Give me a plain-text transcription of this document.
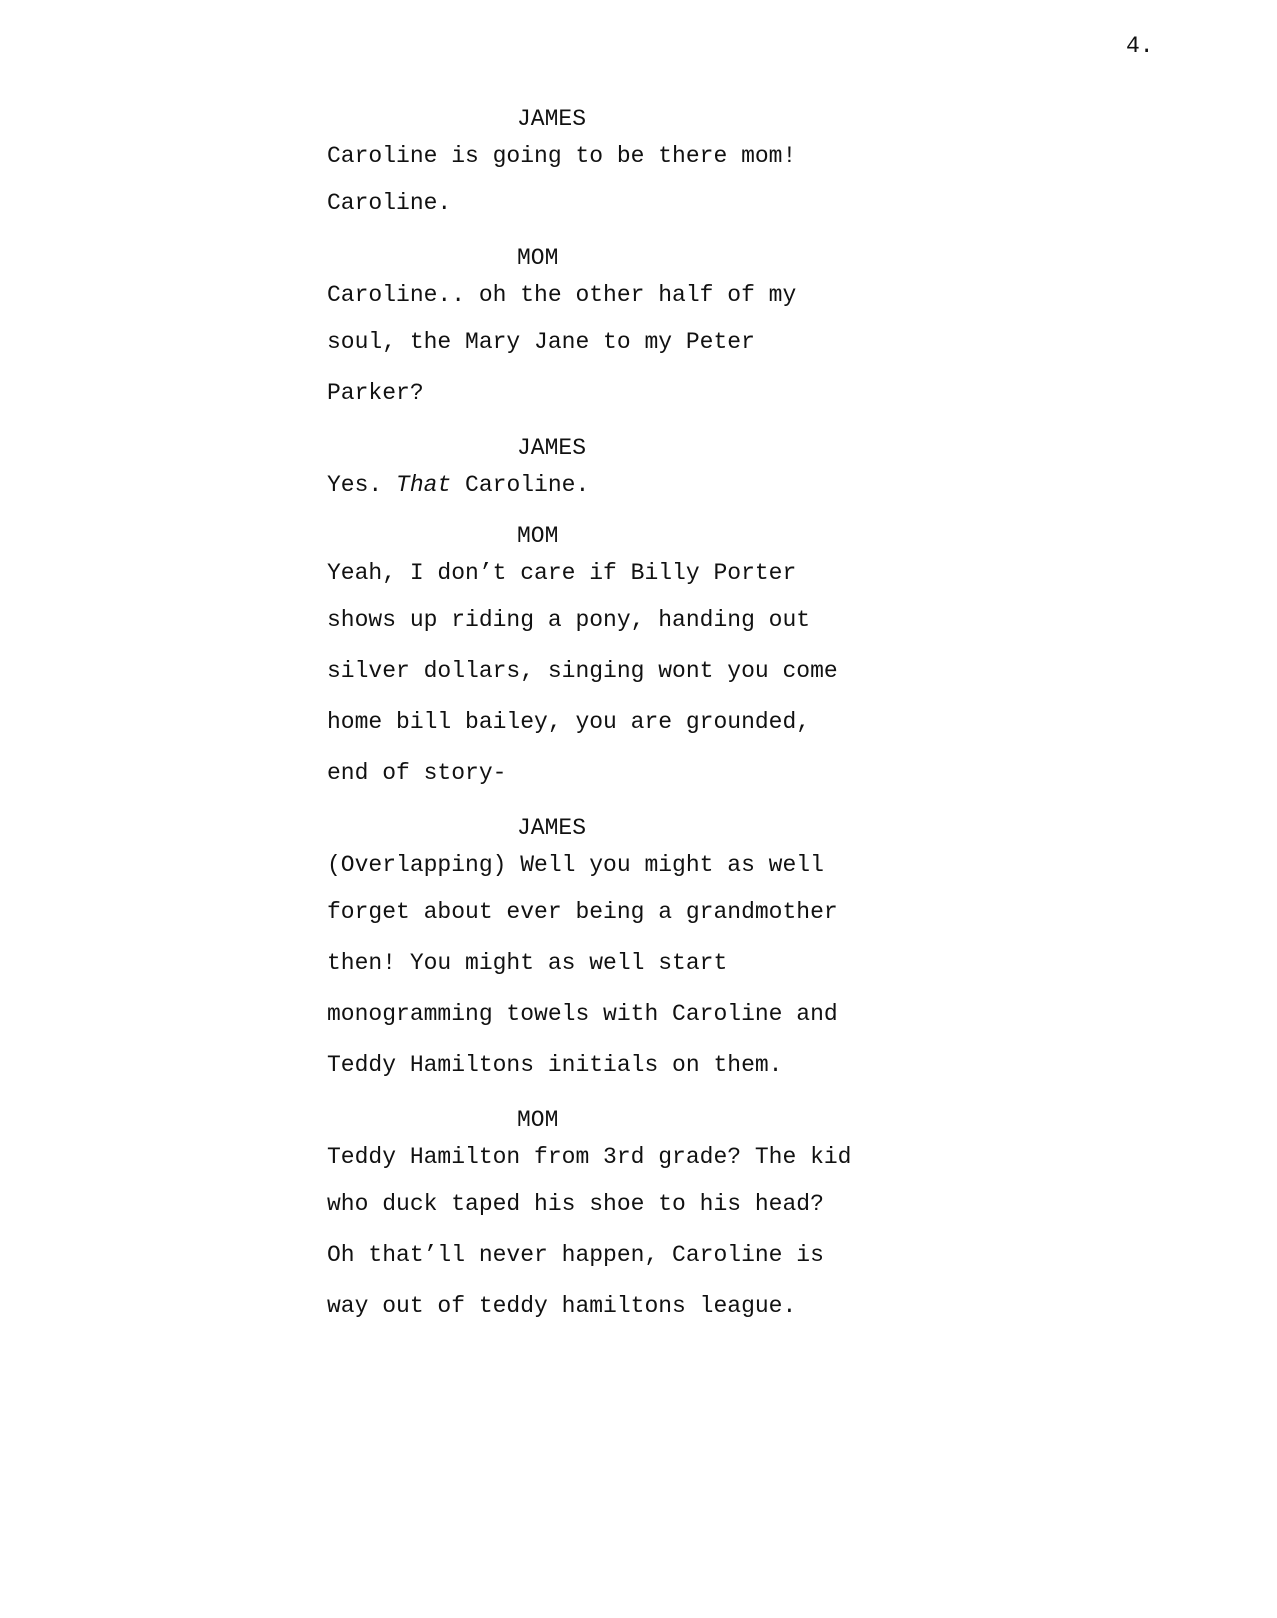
4.
JAMES
Caroline is going to be there mom!
Caroline.
MOM
Caroline.. oh the other half of my
soul, the Mary Jane to my Peter
Parker?
JAMES
Yes. That Caroline.
MOM
Yeah, I don’t care if Billy Porter
shows up riding a pony, handing out
silver dollars, singing wont you come
home bill bailey, you are grounded,
end of story-
JAMES
(Overlapping) Well you might as well
forget about ever being a grandmother
then! You might as well start
monogramming towels with Caroline and
Teddy Hamiltons initials on them.
MOM
Teddy Hamilton from 3rd grade? The kid
who duck taped his shoe to his head?
Oh that’ll never happen, Caroline is
way out of teddy hamiltons league.
